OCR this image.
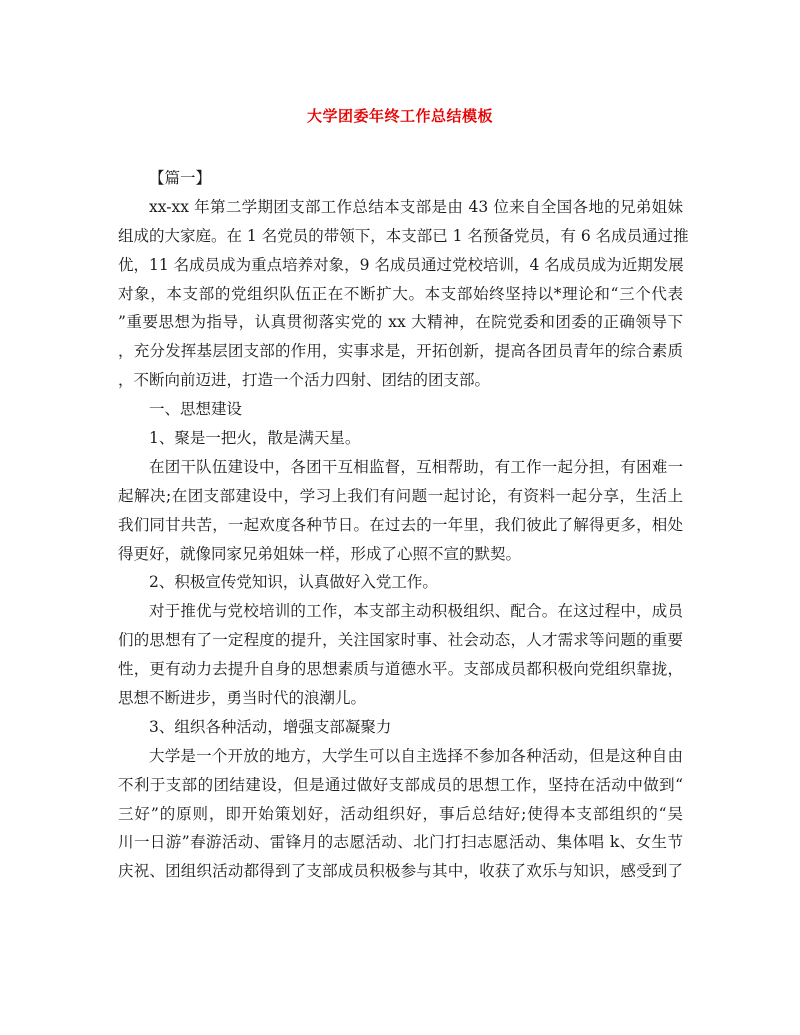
大学团委年终工作总结模板
【篇一】
xx-xx 年第二学期团支部工作总结本支部是由 43 位来自全国各地的兄弟姐妹
组成的大家庭。在 1 名党员的带领下，本支部已 1 名预备党员，有 6 名成员通过推
优，11 名成员成为重点培养对象，9 名成员通过党校培训，4 名成员成为近期发展
对象，本支部的党组织队伍正在不断扩大。本支部始终坚持以*理论和“三个代表
”重要思想为指导，认真贯彻落实党的 xx 大精神，在院党委和团委的正确领导下
，充分发挥基层团支部的作用，实事求是，开拓创新，提高各团员青年的综合素质
，不断向前迈进，打造一个活力四射、团结的团支部。
一、思想建设
1、聚是一把火，散是满天星。
在团干队伍建设中，各团干互相监督，互相帮助，有工作一起分担，有困难一
起解决;在团支部建设中，学习上我们有问题一起讨论，有资料一起分享，生活上
我们同甘共苦，一起欢度各种节日。在过去的一年里，我们彼此了解得更多，相处
得更好，就像同家兄弟姐妹一样，形成了心照不宣的默契。
2、积极宣传党知识，认真做好入党工作。
对于推优与党校培训的工作，本支部主动积极组织、配合。在这过程中，成员
们的思想有了一定程度的提升，关注国家时事、社会动态，人才需求等问题的重要
性，更有动力去提升自身的思想素质与道德水平。支部成员都积极向党组织靠拢，
思想不断进步，勇当时代的浪潮儿。
3、组织各种活动，增强支部凝聚力
大学是一个开放的地方，大学生可以自主选择不参加各种活动，但是这种自由
不利于支部的团结建设，但是通过做好支部成员的思想工作，坚持在活动中做到“
三好”的原则，即开始策划好，活动组织好，事后总结好;使得本支部组织的“吴
川一日游”春游活动、雷锋月的志愿活动、北门打扫志愿活动、集体唱 k、女生节
庆祝、团组织活动都得到了支部成员积极参与其中，收获了欢乐与知识，感受到了
